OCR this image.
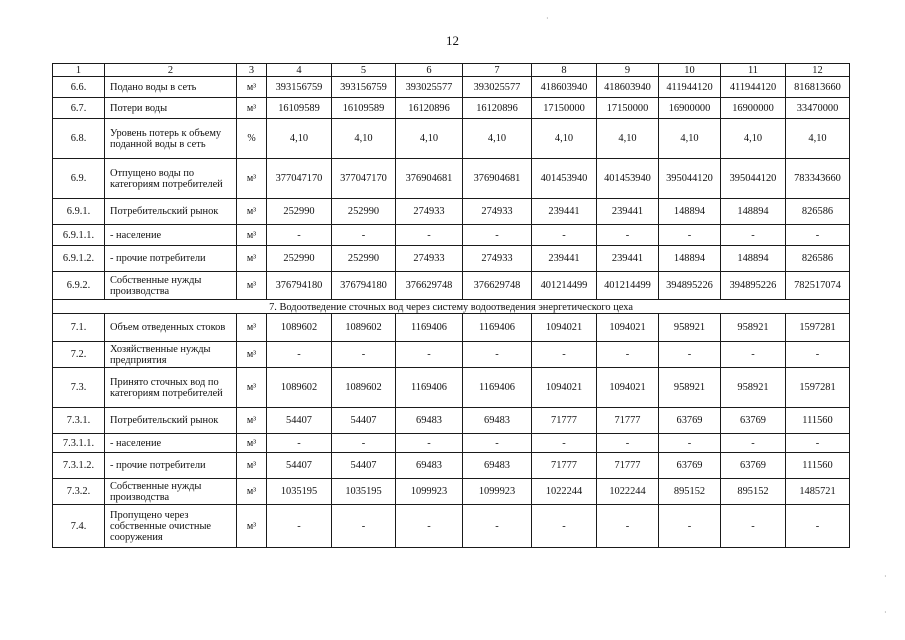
12
1	2	3	4	5	6	7	8	9	10	11	12
6.6.	Подано воды в сеть	м³	393156759	393156759	393025577	393025577	418603940	418603940	411944120	411944120	816813660
6.7.	Потери воды	м³	16109589	16109589	16120896	16120896	17150000	17150000	16900000	16900000	33470000
6.8.	Уровень потерь к объему поданной воды в сеть	%	4,10	4,10	4,10	4,10	4,10	4,10	4,10	4,10	4,10
6.9.	Отпущено воды по категориям потребителей	м³	377047170	377047170	376904681	376904681	401453940	401453940	395044120	395044120	783343660
6.9.1.	Потребительский рынок	м³	252990	252990	274933	274933	239441	239441	148894	148894	826586
6.9.1.1.	- население	м³	-	-	-	-	-	-	-	-	-
6.9.1.2.	- прочие потребители	м³	252990	252990	274933	274933	239441	239441	148894	148894	826586
6.9.2.	Собственные нужды производства	м³	376794180	376794180	376629748	376629748	401214499	401214499	394895226	394895226	782517074
7. Водоотведение сточных вод через систему водоотведения энергетического цеха											
7.1.	Объем отведенных стоков	м³	1089602	1089602	1169406	1169406	1094021	1094021	958921	958921	1597281
7.2.	Хозяйственные нужды предприятия	м³	-	-	-	-	-	-	-	-	-
7.3.	Принято сточных вод по категориям потребителей	м³	1089602	1089602	1169406	1169406	1094021	1094021	958921	958921	1597281
7.3.1.	Потребительский рынок	м³	54407	54407	69483	69483	71777	71777	63769	63769	111560
7.3.1.1.	- население	м³	-	-	-	-	-	-	-	-	-
7.3.1.2.	- прочие потребители	м³	54407	54407	69483	69483	71777	71777	63769	63769	111560
7.3.2.	Собственные нужды производства	м³	1035195	1035195	1099923	1099923	1022244	1022244	895152	895152	1485721
7.4.	Пропущено через собственные очистные сооружения	м³	-	-	-	-	-	-	-	-	-
·
·
·
